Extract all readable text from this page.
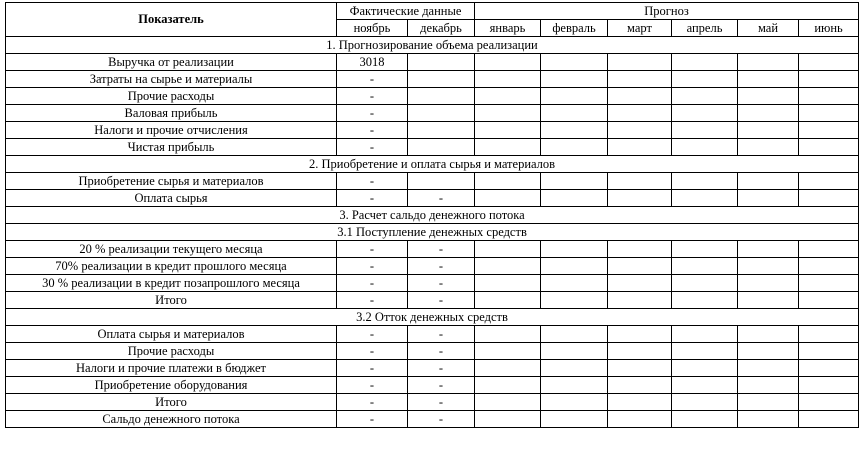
Показатель	Фактические данные		Прогноз					
	ноябрь	декабрь	январь	февраль	март	апрель	май	июнь
1. Прогнозирование объема реализации								
Выручка от реализации	3018							
Затраты на сырье и материалы	-							
Прочие расходы	-							
Валовая прибыль	-							
Налоги и прочие отчисления	-							
Чистая прибыль	-							
2. Приобретение и оплата сырья и материалов								
Приобретение сырья и материалов	-							
Оплата сырья	-	-						
3. Расчет сальдо денежного потока								
3.1 Поступление денежных средств								
20 % реализации текущего месяца	-	-						
70% реализации в кредит прошлого месяца	-	-						
30 % реализации в кредит позапрошлого месяца	-	-						
Итого	-	-						
3.2 Отток денежных средств								
Оплата сырья и материалов	-	-						
Прочие расходы	-	-						
Налоги и прочие платежи в бюджет	-	-						
Приобретение оборудования	-	-						
Итого	-	-						
Сальдо денежного потока	-	-						
